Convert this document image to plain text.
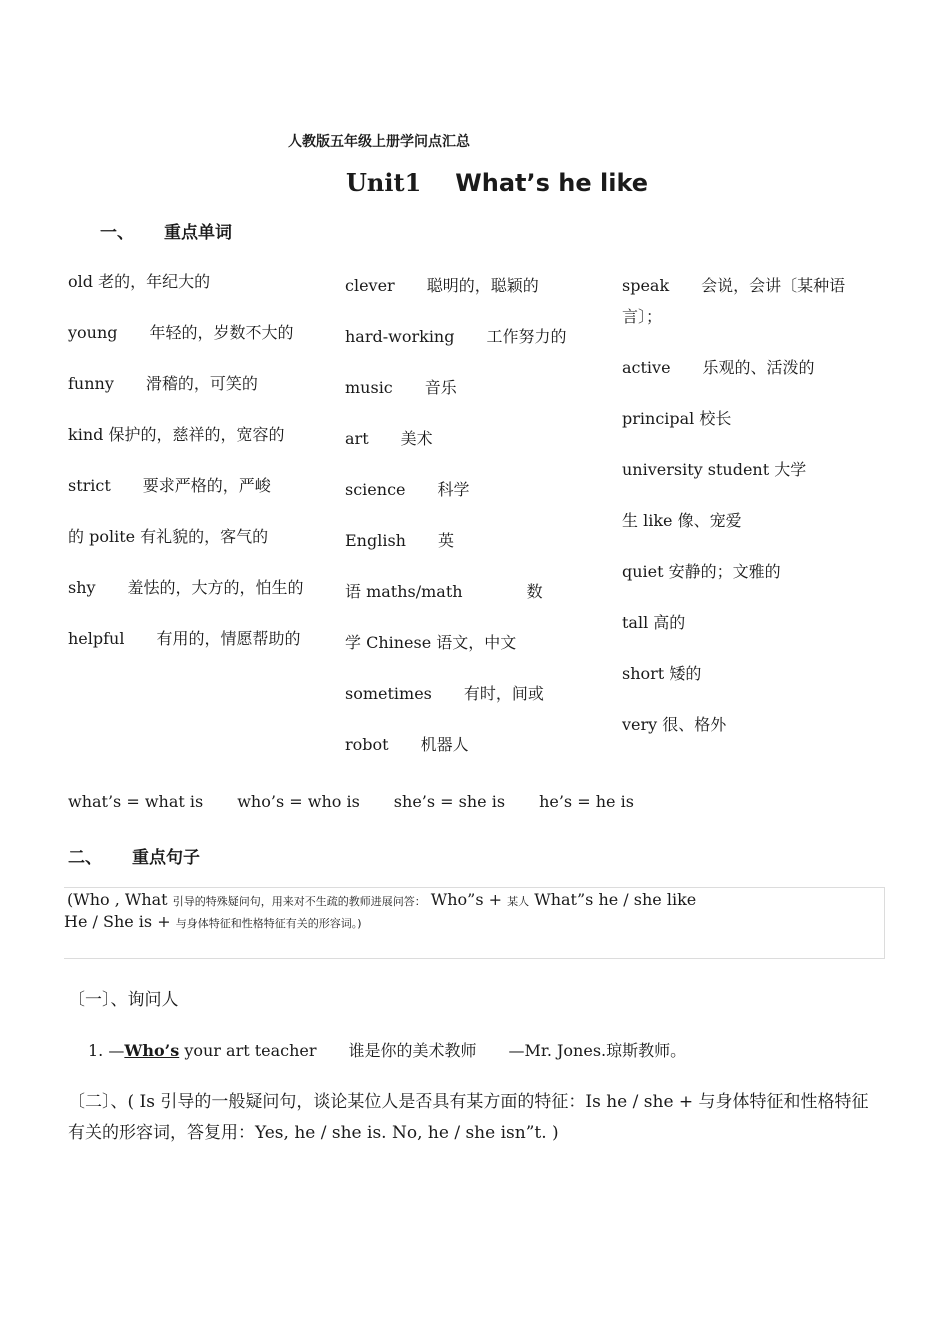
人教版五年级上册学问点汇总
Unit1 What’s he like
一、 重点单词
old 老的，年纪大的
young　　年轻的，岁数不大的
funny　　滑稽的，可笑的
kind 保护的，慈祥的，宽容的
strict　　要求严格的，严峻
的 polite 有礼貌的，客气的
shy　　羞怯的，大方的，怕生的
helpful　　有用的，情愿帮助的
clever　　聪明的，聪颖的
hard-working　　工作努力的
music　　音乐
art　　美术
science　　科学
English　　英
语 maths/math　　　　数
学 Chinese 语文，中文
sometimes　　有时，间或
robot　　机器人
speak　　会说，会讲〔某种语言〕；
active　　乐观的、活泼的
principal 校长
university student 大学
生 like 像、宠爱
quiet 安静的；文雅的
tall 高的
short 矮的
very 很、格外
what’s = what is who’s = who is she’s = she is he’s = he is
二、 重点句子
(Who , What 引导的特殊疑问句，用来对不生疏的教师进展问答： Who”s + 某人 What”s he / she like
He / She is + 与身体特征和性格特征有关的形容词。)
〔一〕、询问人
1. —Who’s your art teacher　　谁是你的美术教师　　—Mr. Jones.琼斯教师。
〔二〕、( Is 引导的一般疑问句，谈论某位人是否具有某方面的特征：Is he / she + 与身体特征和性格特征有关的形容词，答复用：Yes, he / she is. No, he / she isn”t. )
